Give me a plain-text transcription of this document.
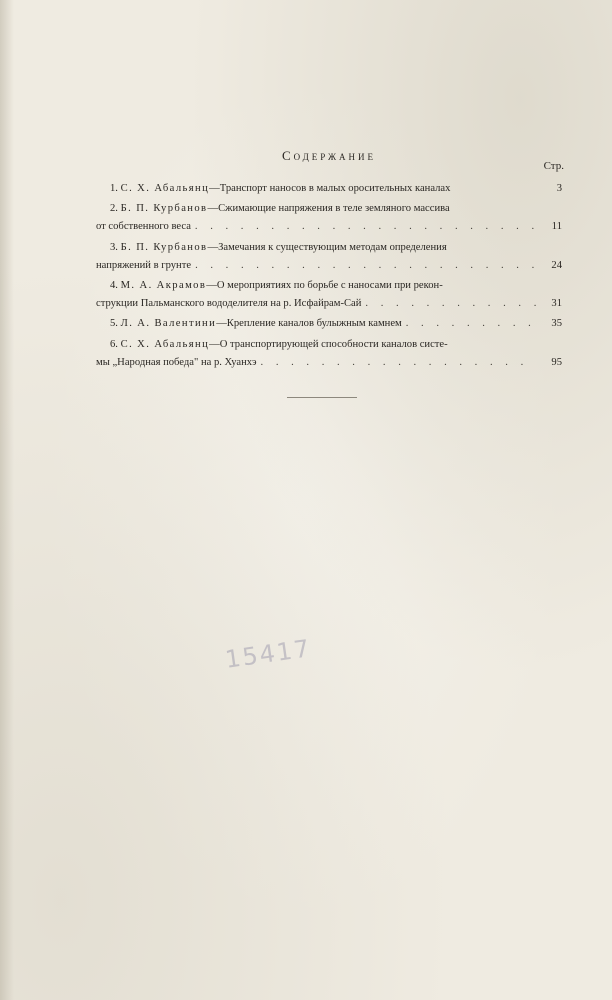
Содержание
Стр.
1.
С. Х. Абальянц —Транспорт наносов в малых оросительных каналах	3
2.
Б. П. Курбанов —Сжимающие напряжения в теле земляного массива
от собственного веса . . .	11
3.
Б. П. Курбанов —Замечания к существующим методам определения
напряжений в грунте . . .	24
4.
М. А. Акрамов —О мероприятиях по борьбе с наносами при рекон-
струкции Пальманского вододелителя на р. Исфайрам-Сай . . .	31
5.
Л. А. Валентини —Крепление каналов булыжным камнем . . .	35
6.
С. Х. Абальянц —О транспортирующей способности каналов систе-
мы „Народная победа" на р. Хуанхэ . . .	95
15417
